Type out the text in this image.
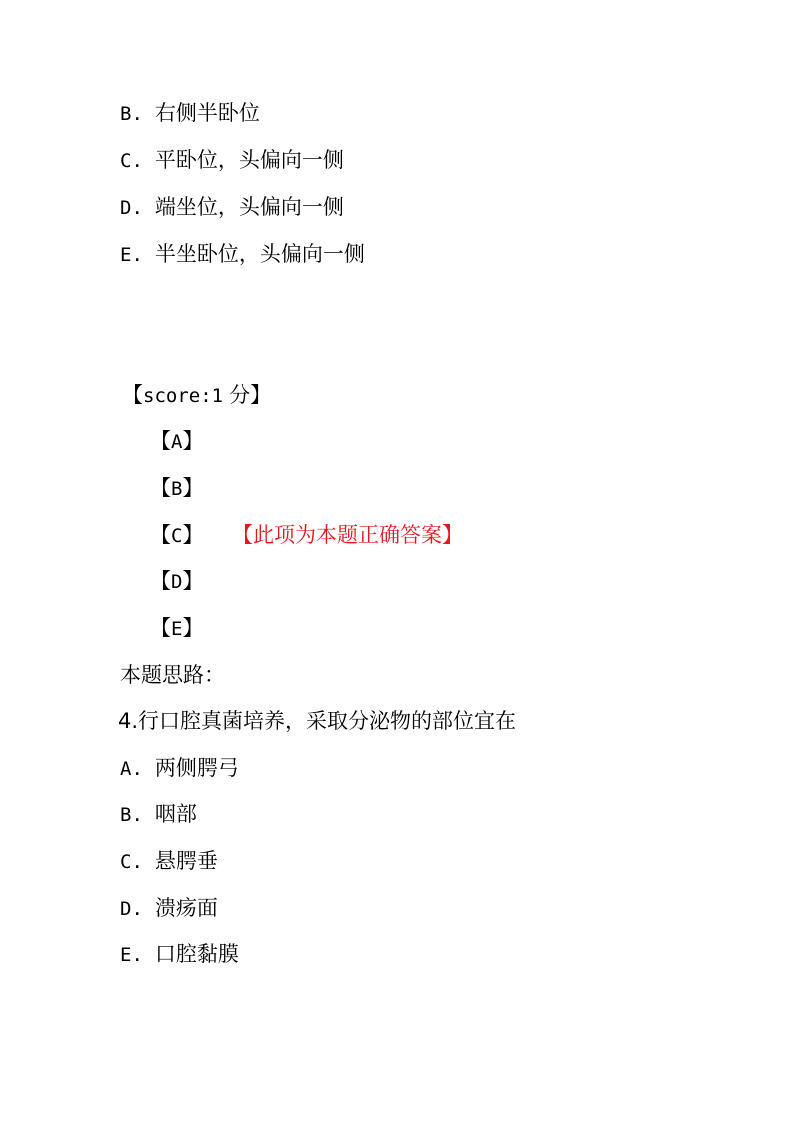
B. 右侧半卧位
C. 平卧位，头偏向一侧
D. 端坐位，头偏向一侧
E. 半坐卧位，头偏向一侧
【score:1 分】
【A】
【B】
【C】 【此项为本题正确答案】
【D】
【E】
本题思路：
4.行口腔真菌培养，采取分泌物的部位宜在
A. 两侧腭弓
B. 咽部
C. 悬腭垂
D. 溃疡面
E. 口腔黏膜
